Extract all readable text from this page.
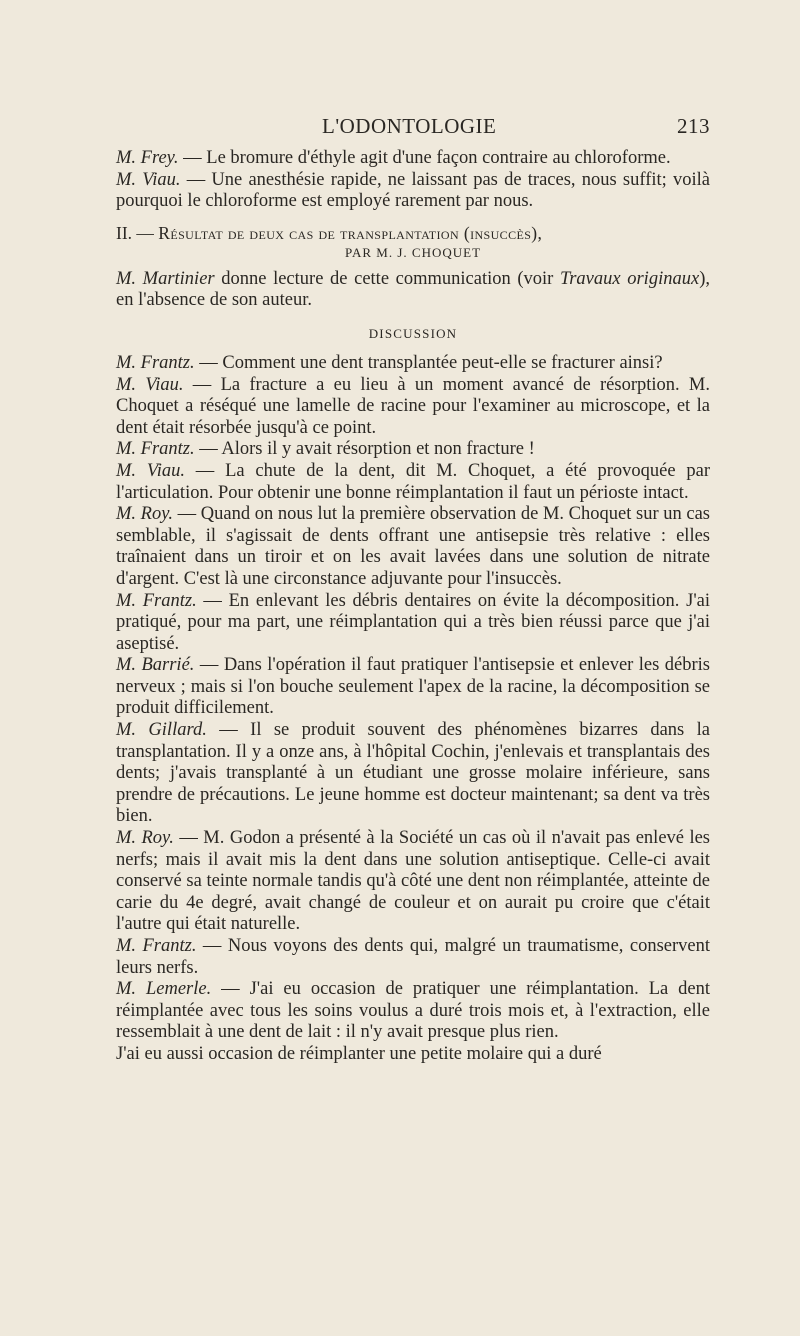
L'ODONTOLOGIE	213

M. Frey. — Le bromure d'éthyle agit d'une façon contraire au chloroforme.

M. Viau. — Une anesthésie rapide, ne laissant pas de traces, nous suffit; voilà pourquoi le chloroforme est employé rarement par nous.

II. — Résultat de deux cas de transplantation (insuccès),

PAR M. J. CHOQUET

M. Martinier donne lecture de cette communication (voir Travaux originaux), en l'absence de son auteur.

DISCUSSION

M. Frantz. — Comment une dent transplantée peut-elle se fracturer ainsi?

M. Viau. — La fracture a eu lieu à un moment avancé de résorption. M. Choquet a réséqué une lamelle de racine pour l'examiner au microscope, et la dent était résorbée jusqu'à ce point.

M. Frantz. — Alors il y avait résorption et non fracture !

M. Viau. — La chute de la dent, dit M. Choquet, a été provoquée par l'articulation. Pour obtenir une bonne réimplantation il faut un périoste intact.

M. Roy. — Quand on nous lut la première observation de M. Choquet sur un cas semblable, il s'agissait de dents offrant une antisepsie très relative : elles traînaient dans un tiroir et on les avait lavées dans une solution de nitrate d'argent. C'est là une circonstance adjuvante pour l'insuccès.

M. Frantz. — En enlevant les débris dentaires on évite la décomposition. J'ai pratiqué, pour ma part, une réimplantation qui a très bien réussi parce que j'ai aseptisé.

M. Barrié. — Dans l'opération il faut pratiquer l'antisepsie et enlever les débris nerveux ; mais si l'on bouche seulement l'apex de la racine, la décomposition se produit difficilement.

M. Gillard. — Il se produit souvent des phénomènes bizarres dans la transplantation. Il y a onze ans, à l'hôpital Cochin, j'enlevais et transplantais des dents; j'avais transplanté à un étudiant une grosse molaire inférieure, sans prendre de précautions. Le jeune homme est docteur maintenant; sa dent va très bien.

M. Roy. — M. Godon a présenté à la Société un cas où il n'avait pas enlevé les nerfs; mais il avait mis la dent dans une solution antiseptique. Celle-ci avait conservé sa teinte normale tandis qu'à côté une dent non réimplantée, atteinte de carie du 4e degré, avait changé de couleur et on aurait pu croire que c'était l'autre qui était naturelle.

M. Frantz. — Nous voyons des dents qui, malgré un traumatisme, conservent leurs nerfs.

M. Lemerle. — J'ai eu occasion de pratiquer une réimplantation. La dent réimplantée avec tous les soins voulus a duré trois mois et, à l'extraction, elle ressemblait à une dent de lait : il n'y avait presque plus rien.

J'ai eu aussi occasion de réimplanter une petite molaire qui a duré
